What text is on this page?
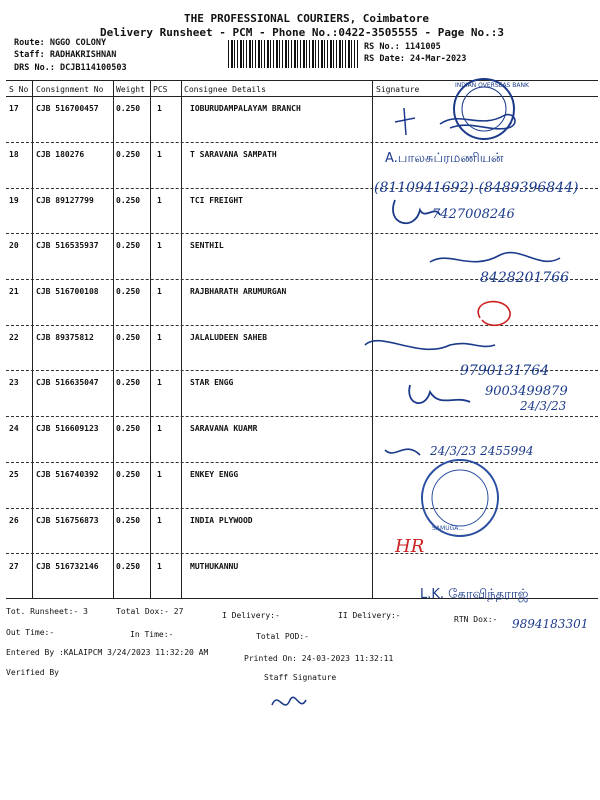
THE PROFESSIONAL COURIERS, Coimbatore
Delivery Runsheet - PCM - Phone No.:0422-3505555 - Page No.:3
Route: NGGO COLONY
Staff: RADHAKRISHNAN
DRS No.: DCJB114100503
RS No.: 1141005
RS Date: 24-Mar-2023
S No Consignment No Weight PCS Consignee Details	Signature
17 CJB 516700457 0.250 1	IOBURUDAMPALAYAM BRANCH
18 CJB 180276	0.250 1	T SARAVANA SAMPATH
19 CJB 89127799	0.250 1	TCI FREIGHT
20 CJB 516535937 0.250 1	SENTHIL
21 CJB 516700108 0.250 1	RAJBHARATH ARUMURGAN
22 CJB 89375812	0.250 1	JALALUDEEN SAHEB
23 CJB 516635047 0.250 1	STAR ENGG
24 CJB 516609123 0.250 1	SARAVANA KUAMR
25 CJB 516740392 0.250 1	ENKEY ENGG
26 CJB 516756873 0.250 1	INDIA PLYWOOD
27 CJB 516732146 0.250 1	MUTHUKANNU
INDIAN OVERSEAS BANK
A.பாலசுப்ரமணியன்
(8110941692) (8489396844)
7427008246
8428201766
9790131764
9003499879
24/3/23
24/3/23 2455994
SAMUGA...
HR
L.K. கோவிந்தராஜ்
9894183301
Tot. Runsheet:- 3	Total Dox:- 27	I Delivery:-	II Delivery:-	RTN Dox:-
Out Time:-	In Time:-	Total POD:-
Entered By :KALAIPCM 3/24/2023 11:32:20 AM
Printed On: 24-03-2023 11:32:11
Verified By
Staff Signature
